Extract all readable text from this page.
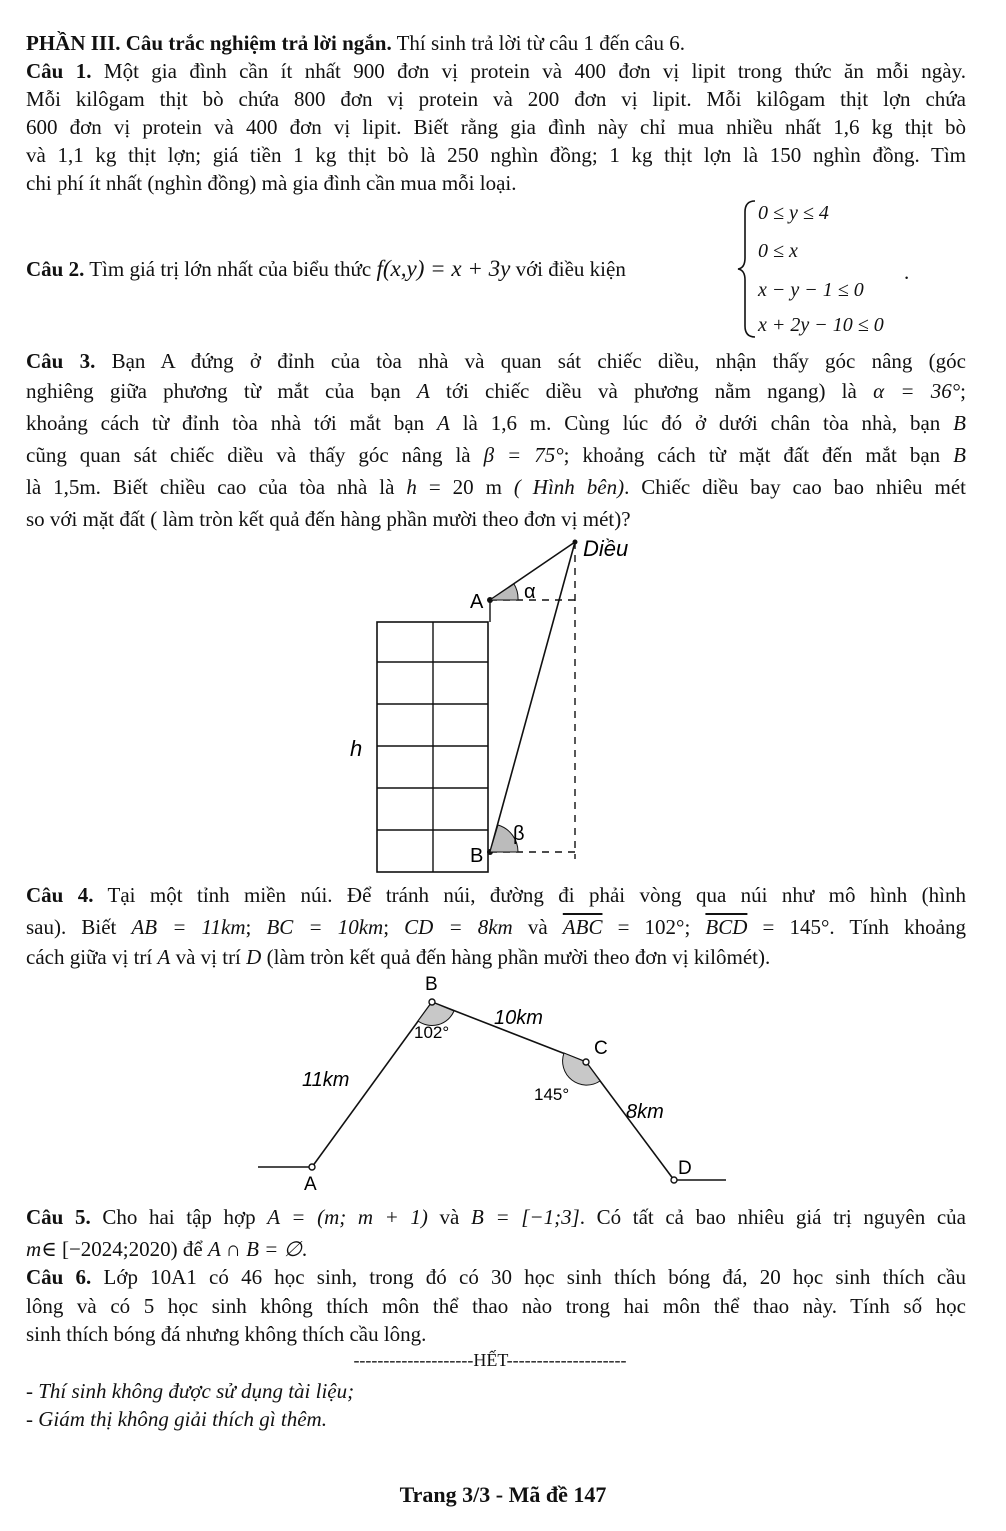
PHẦN III. Câu trắc nghiệm trả lời ngắn. Thí sinh trả lời từ câu 1 đến câu 6.
Câu 1. Một gia đình cần ít nhất 900 đơn vị protein và 400 đơn vị lipit trong thức ăn mỗi ngày.
Mỗi kilôgam thịt bò chứa 800 đơn vị protein và 200 đơn vị lipit. Mỗi kilôgam thịt lợn chứa
600 đơn vị protein và 400 đơn vị lipit. Biết rằng gia đình này chỉ mua nhiều nhất 1,6 kg thịt bò
và 1,1 kg thịt lợn; giá tiền 1 kg thịt bò là 250 nghìn đồng; 1 kg thịt lợn là 150 nghìn đồng. Tìm
chi phí ít nhất (nghìn đồng) mà gia đình cần mua mỗi loại.
Câu 2. Tìm giá trị lớn nhất của biểu thức f(x,y) = x + 3y với điều kiện
0 ≤ y ≤ 4
0 ≤ x
x − y − 1 ≤ 0
x + 2y − 10 ≤ 0
.
Câu 3. Bạn A đứng ở đỉnh của tòa nhà và quan sát chiếc diều, nhận thấy góc nâng (góc
nghiêng giữa phương từ mắt của bạn A tới chiếc diều và phương nằm ngang) là α = 36°;
khoảng cách từ đỉnh tòa nhà tới mắt bạn A là 1,6 m. Cùng lúc đó ở dưới chân tòa nhà, bạn B
cũng quan sát chiếc diều và thấy góc nâng là β = 75°; khoảng cách từ mặt đất đến mắt bạn B
là 1,5m. Biết chiều cao của tòa nhà là h = 20 m ( Hình bên). Chiếc diều bay cao bao nhiêu mét
so với mặt đất ( làm tròn kết quả đến hàng phần mười theo đơn vị mét)?
Diều
A α
h
β
B
Câu 4. Tại một tỉnh miền núi. Để tránh núi, đường đi phải vòng qua núi như mô hình (hình
sau). Biết AB = 11km; BC = 10km; CD = 8km và $\overline{ABC} = 102^\circ$; $\overline{BCD} = 145^\circ$. Tính khoảng
cách giữa vị trí A và vị trí D (làm tròn kết quả đến hàng phần mười theo đơn vị kilômét).
B
C
A
D
10km
11km
8km
102°
145°
Câu 5. Cho hai tập hợp A = (m; m + 1) và B = [−1;3]. Có tất cả bao nhiêu giá trị nguyên của
m∈ [−2024;2020) để A ∩ B = ∅.
Câu 6. Lớp 10A1 có 46 học sinh, trong đó có 30 học sinh thích bóng đá, 20 học sinh thích cầu
lông và có 5 học sinh không thích môn thể thao nào trong hai môn thể thao này. Tính số học
sinh thích bóng đá nhưng không thích cầu lông.
--------------------HẾT--------------------
- Thí sinh không được sử dụng tài liệu;
- Giám thị không giải thích gì thêm.
Trang 3/3 - Mã đề 147
